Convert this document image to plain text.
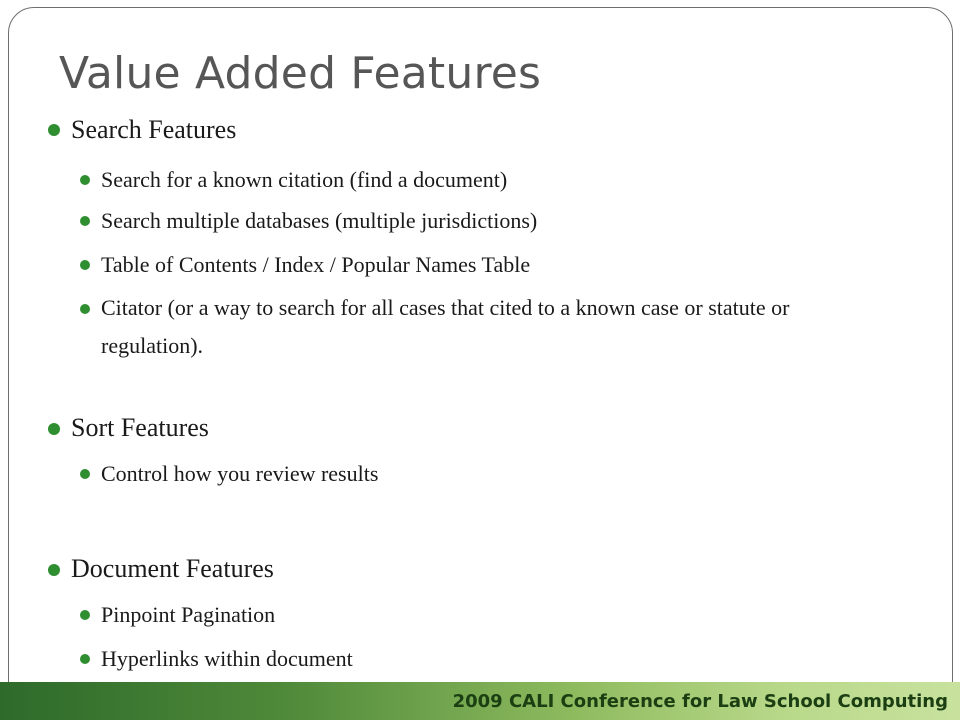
Value Added Features
Search Features
Search for a known citation (find a document)
Search multiple databases (multiple jurisdictions)
Table of Contents / Index / Popular Names Table
Citator (or a way to search for all cases that cited to a known case or statute or regulation).
Sort Features
Control how you review results
Document Features
Pinpoint Pagination
Hyperlinks within document
2009 CALI Conference for Law School Computing
